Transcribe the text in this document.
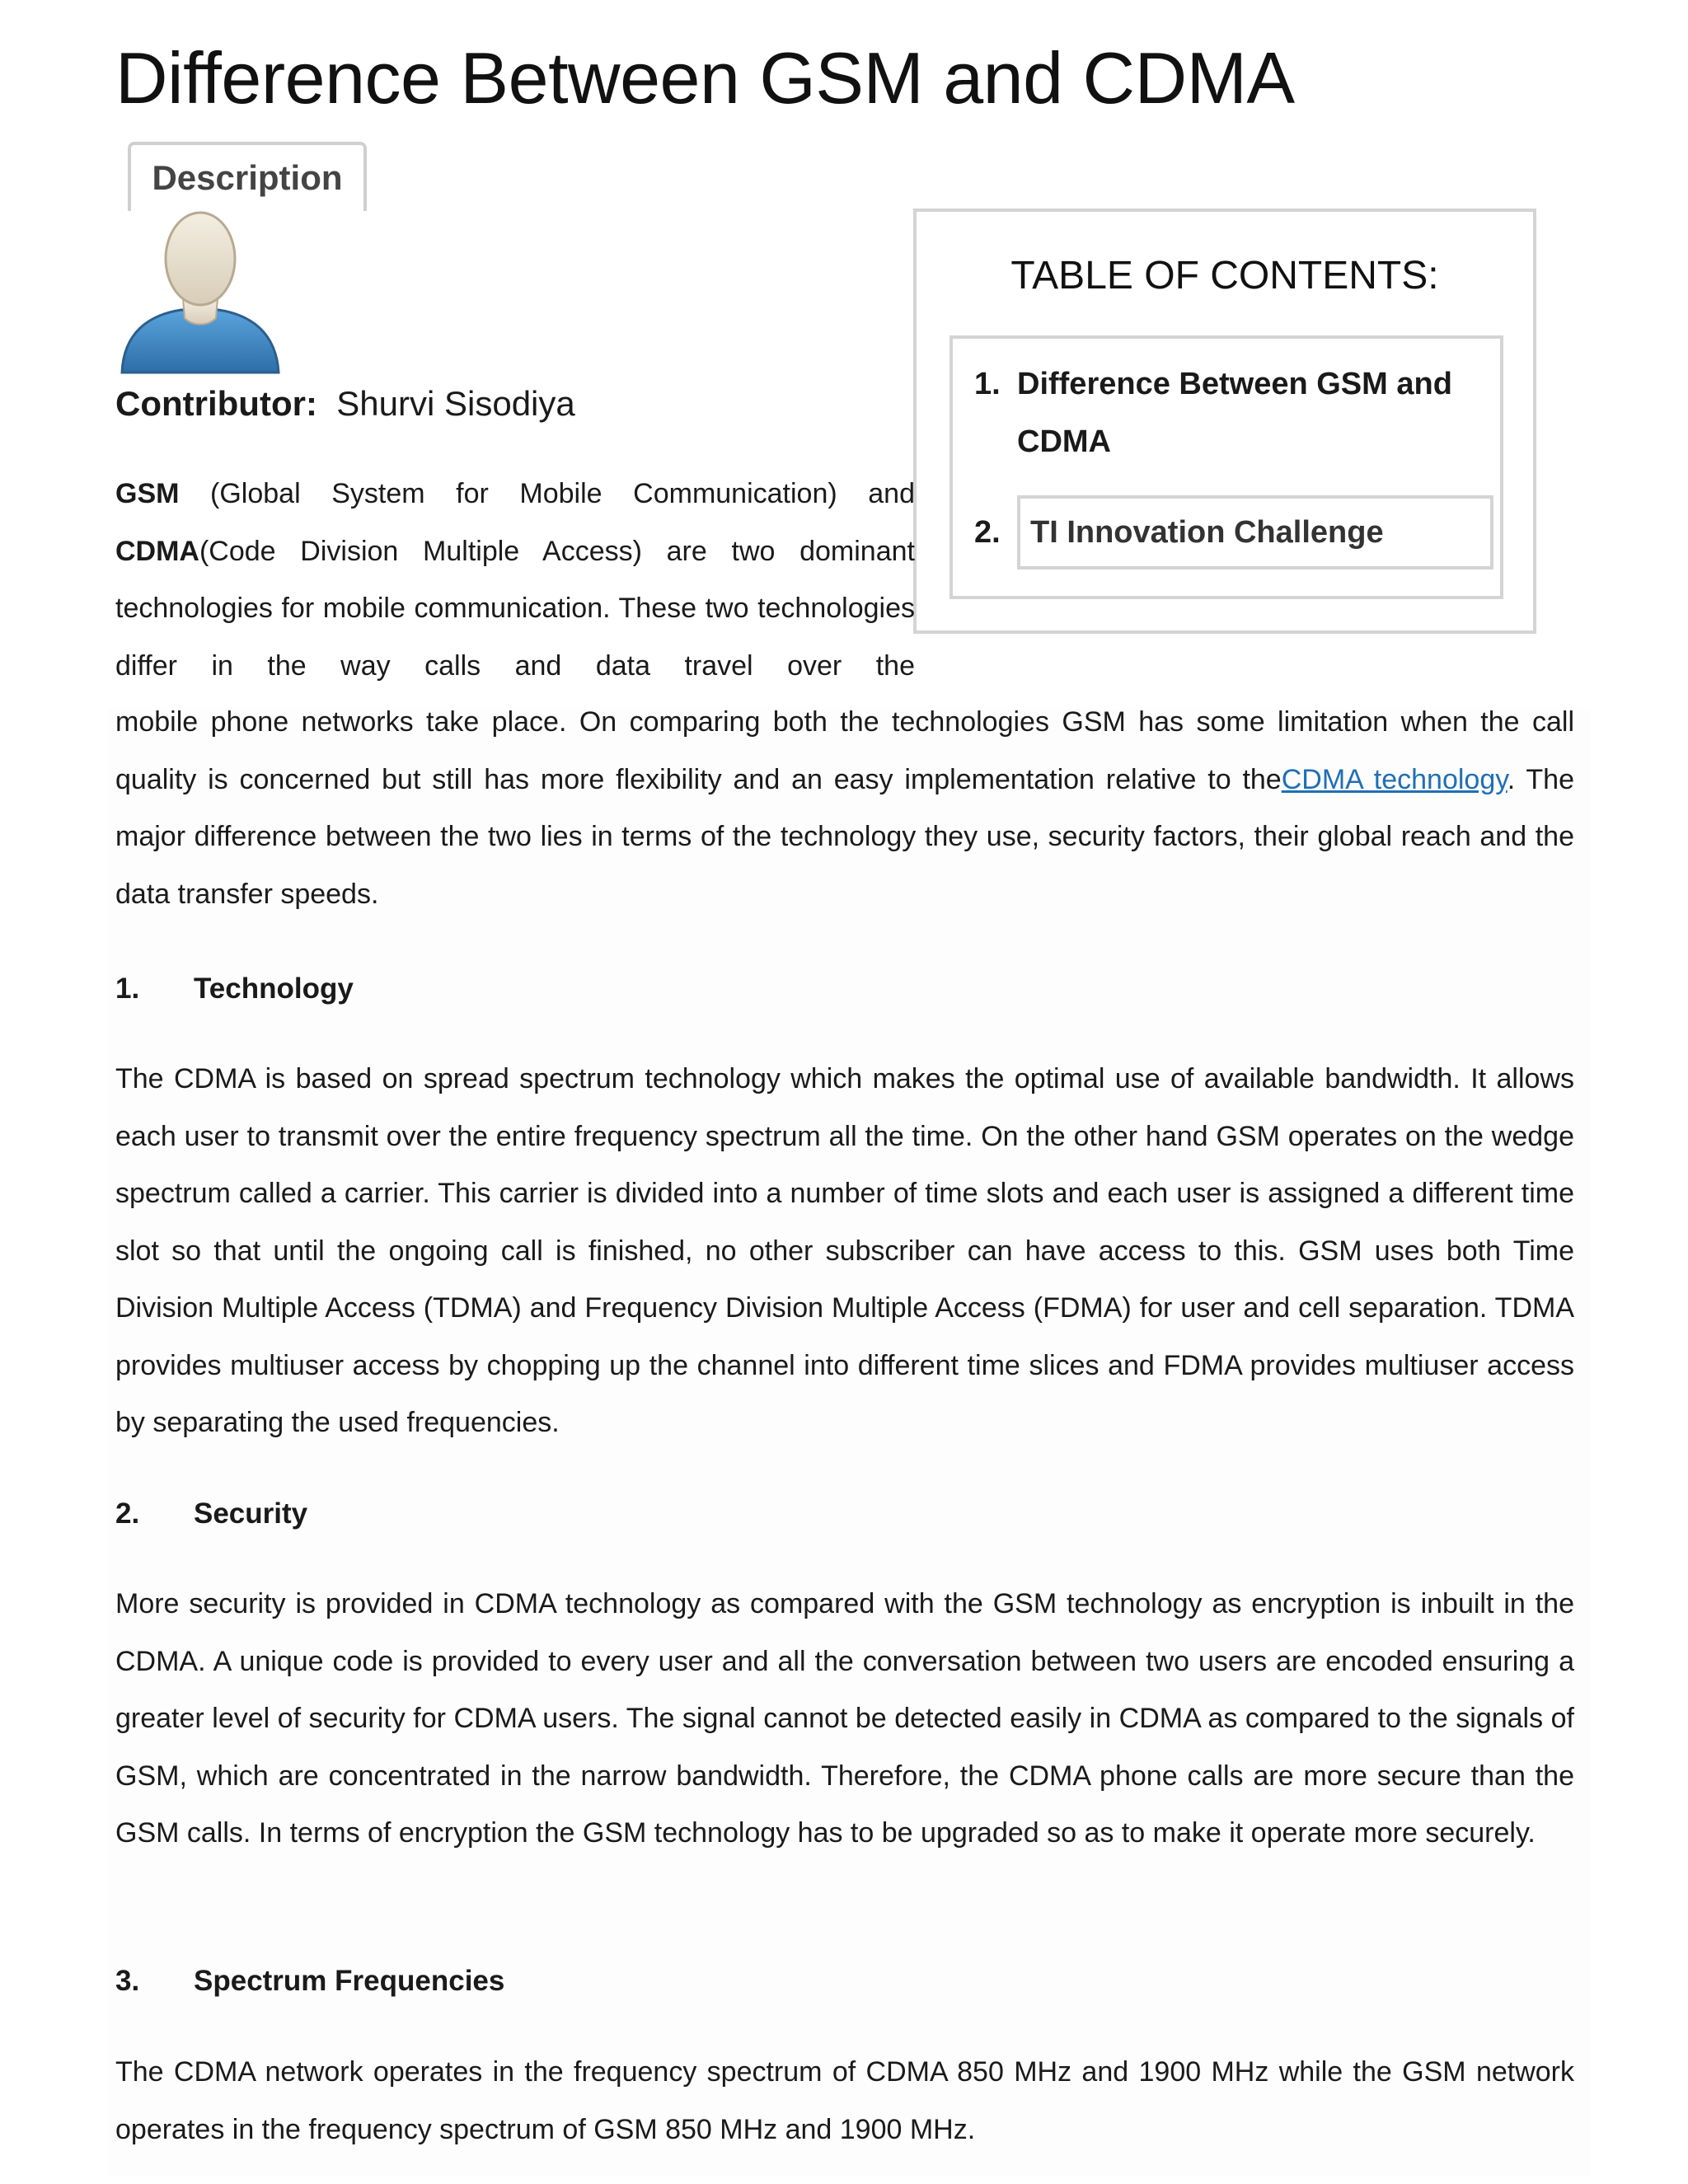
Difference Between GSM and CDMA
Description
Contributor: Shurvi Sisodiya
TABLE OF CONTENTS:
1. Difference Between GSM and CDMA
2. TI Innovation Challenge
GSM (Global System for Mobile Communication) and CDMA(Code Division Multiple Access) are two dominant technologies for mobile communication. These two technologies differ in the way calls and data travel over the
mobile phone networks take place. On comparing both the technologies GSM has some limitation when the call quality is concerned but still has more flexibility and an easy implementation relative to theCDMA technology. The major difference between the two lies in terms of the technology they use, security factors, their global reach and the data transfer speeds.
1. Technology
The CDMA is based on spread spectrum technology which makes the optimal use of available bandwidth. It allows each user to transmit over the entire frequency spectrum all the time. On the other hand GSM operates on the wedge spectrum called a carrier. This carrier is divided into a number of time slots and each user is assigned a different time slot so that until the ongoing call is finished, no other subscriber can have access to this. GSM uses both Time Division Multiple Access (TDMA) and Frequency Division Multiple Access (FDMA) for user and cell separation. TDMA provides multiuser access by chopping up the channel into different time slices and FDMA provides multiuser access by separating the used frequencies.
2. Security
More security is provided in CDMA technology as compared with the GSM technology as encryption is inbuilt in the CDMA. A unique code is provided to every user and all the conversation between two users are encoded ensuring a greater level of security for CDMA users. The signal cannot be detected easily in CDMA as compared to the signals of GSM, which are concentrated in the narrow bandwidth. Therefore, the CDMA phone calls are more secure than the GSM calls. In terms of encryption the GSM technology has to be upgraded so as to make it operate more securely.
3. Spectrum Frequencies
The CDMA network operates in the frequency spectrum of CDMA 850 MHz and 1900 MHz while the GSM network operates in the frequency spectrum of GSM 850 MHz and 1900 MHz.
